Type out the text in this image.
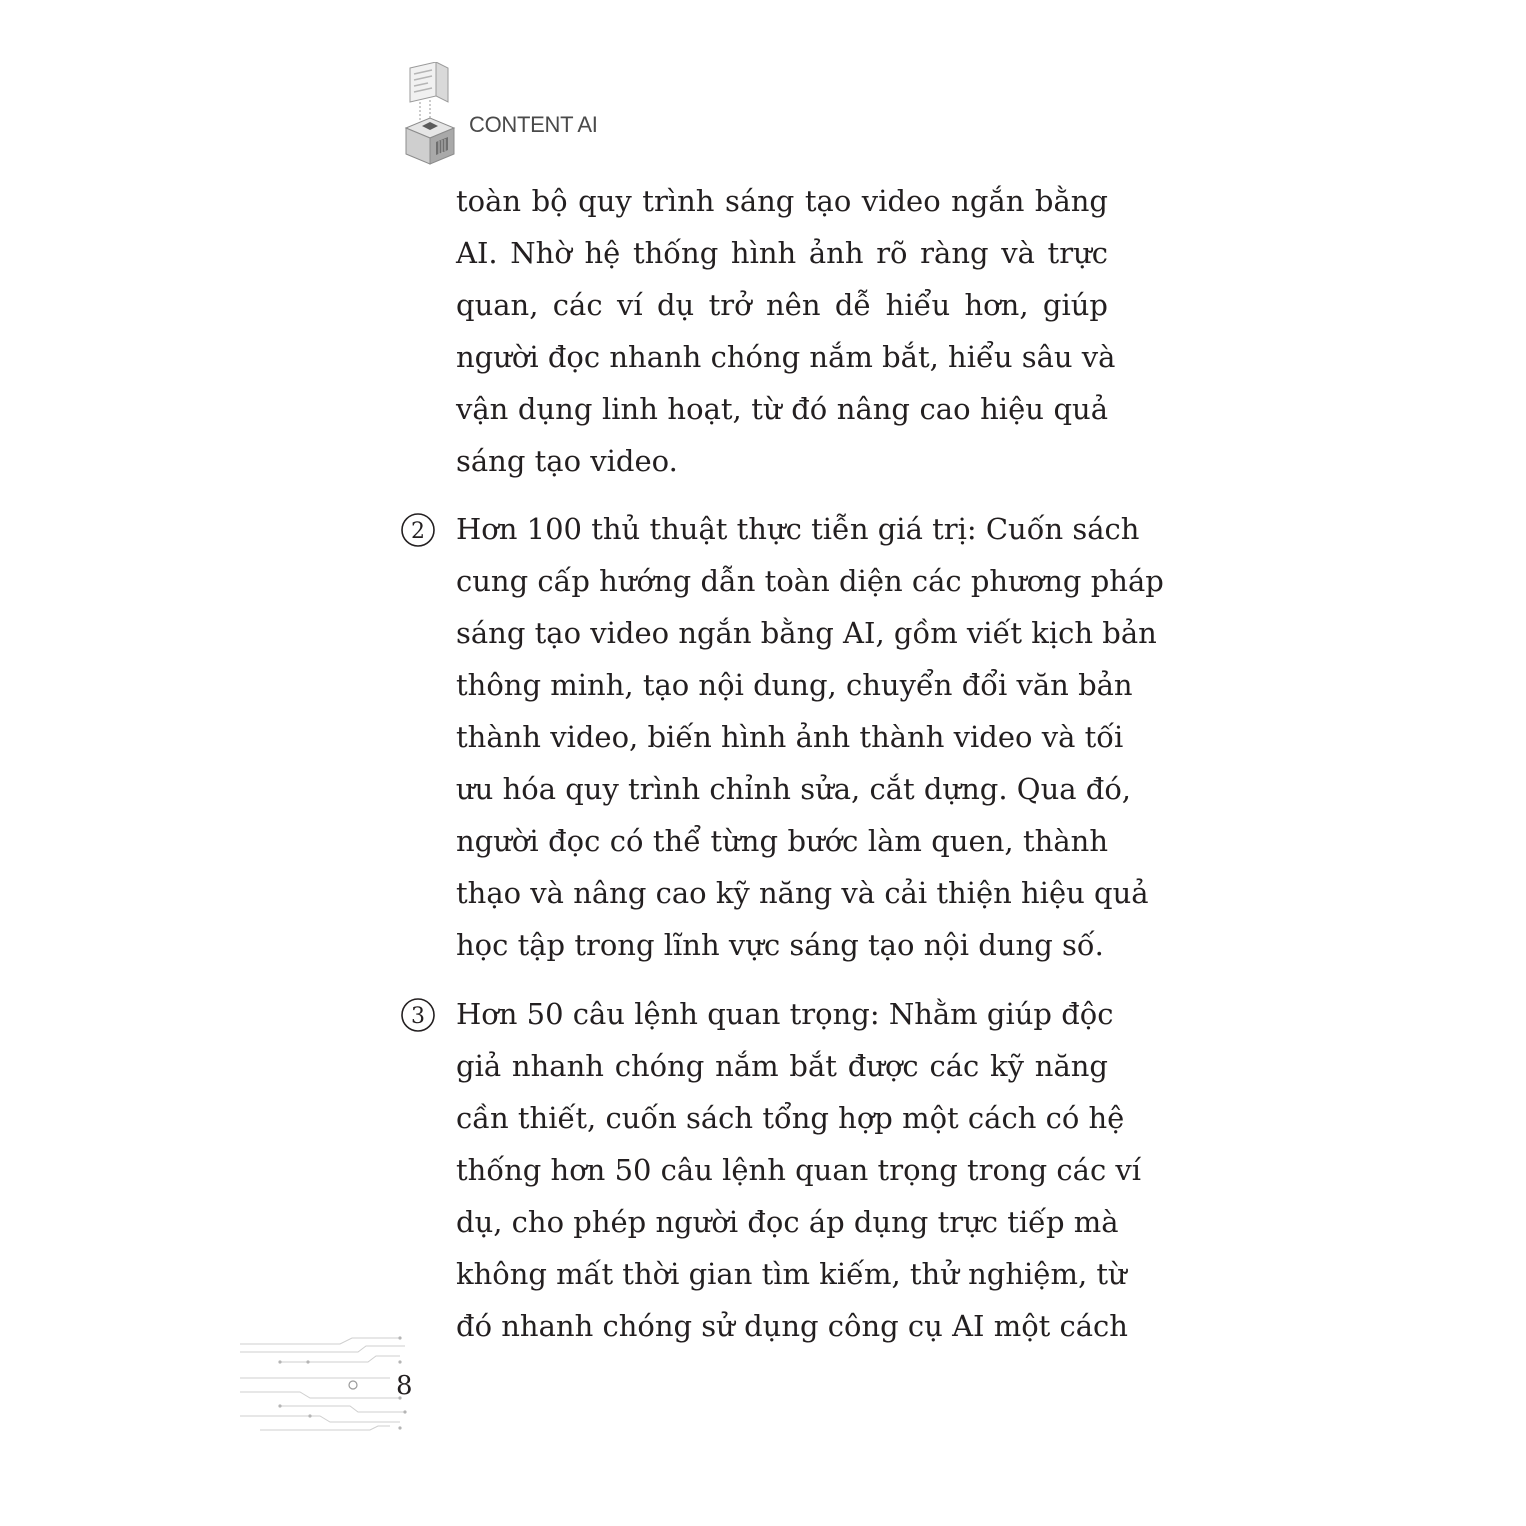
CONTENT AI
toàn bộ quy trình sáng tạo video ngắn bằng
AI. Nhờ hệ thống hình ảnh rõ ràng và trực
quan, các ví dụ trở nên dễ hiểu hơn, giúp
người đọc nhanh chóng nắm bắt, hiểu sâu và
vận dụng linh hoạt, từ đó nâng cao hiệu quả
sáng tạo video.
2 Hơn 100 thủ thuật thực tiễn giá trị: Cuốn sách
cung cấp hướng dẫn toàn diện các phương pháp
sáng tạo video ngắn bằng AI, gồm viết kịch bản
thông minh, tạo nội dung, chuyển đổi văn bản
thành video, biến hình ảnh thành video và tối
ưu hóa quy trình chỉnh sửa, cắt dựng. Qua đó,
người đọc có thể từng bước làm quen, thành
thạo và nâng cao kỹ năng và cải thiện hiệu quả
học tập trong lĩnh vực sáng tạo nội dung số.
3 Hơn 50 câu lệnh quan trọng: Nhằm giúp độc
giả nhanh chóng nắm bắt được các kỹ năng
cần thiết, cuốn sách tổng hợp một cách có hệ
thống hơn 50 câu lệnh quan trọng trong các ví
dụ, cho phép người đọc áp dụng trực tiếp mà
không mất thời gian tìm kiếm, thử nghiệm, từ
đó nhanh chóng sử dụng công cụ AI một cách
8
